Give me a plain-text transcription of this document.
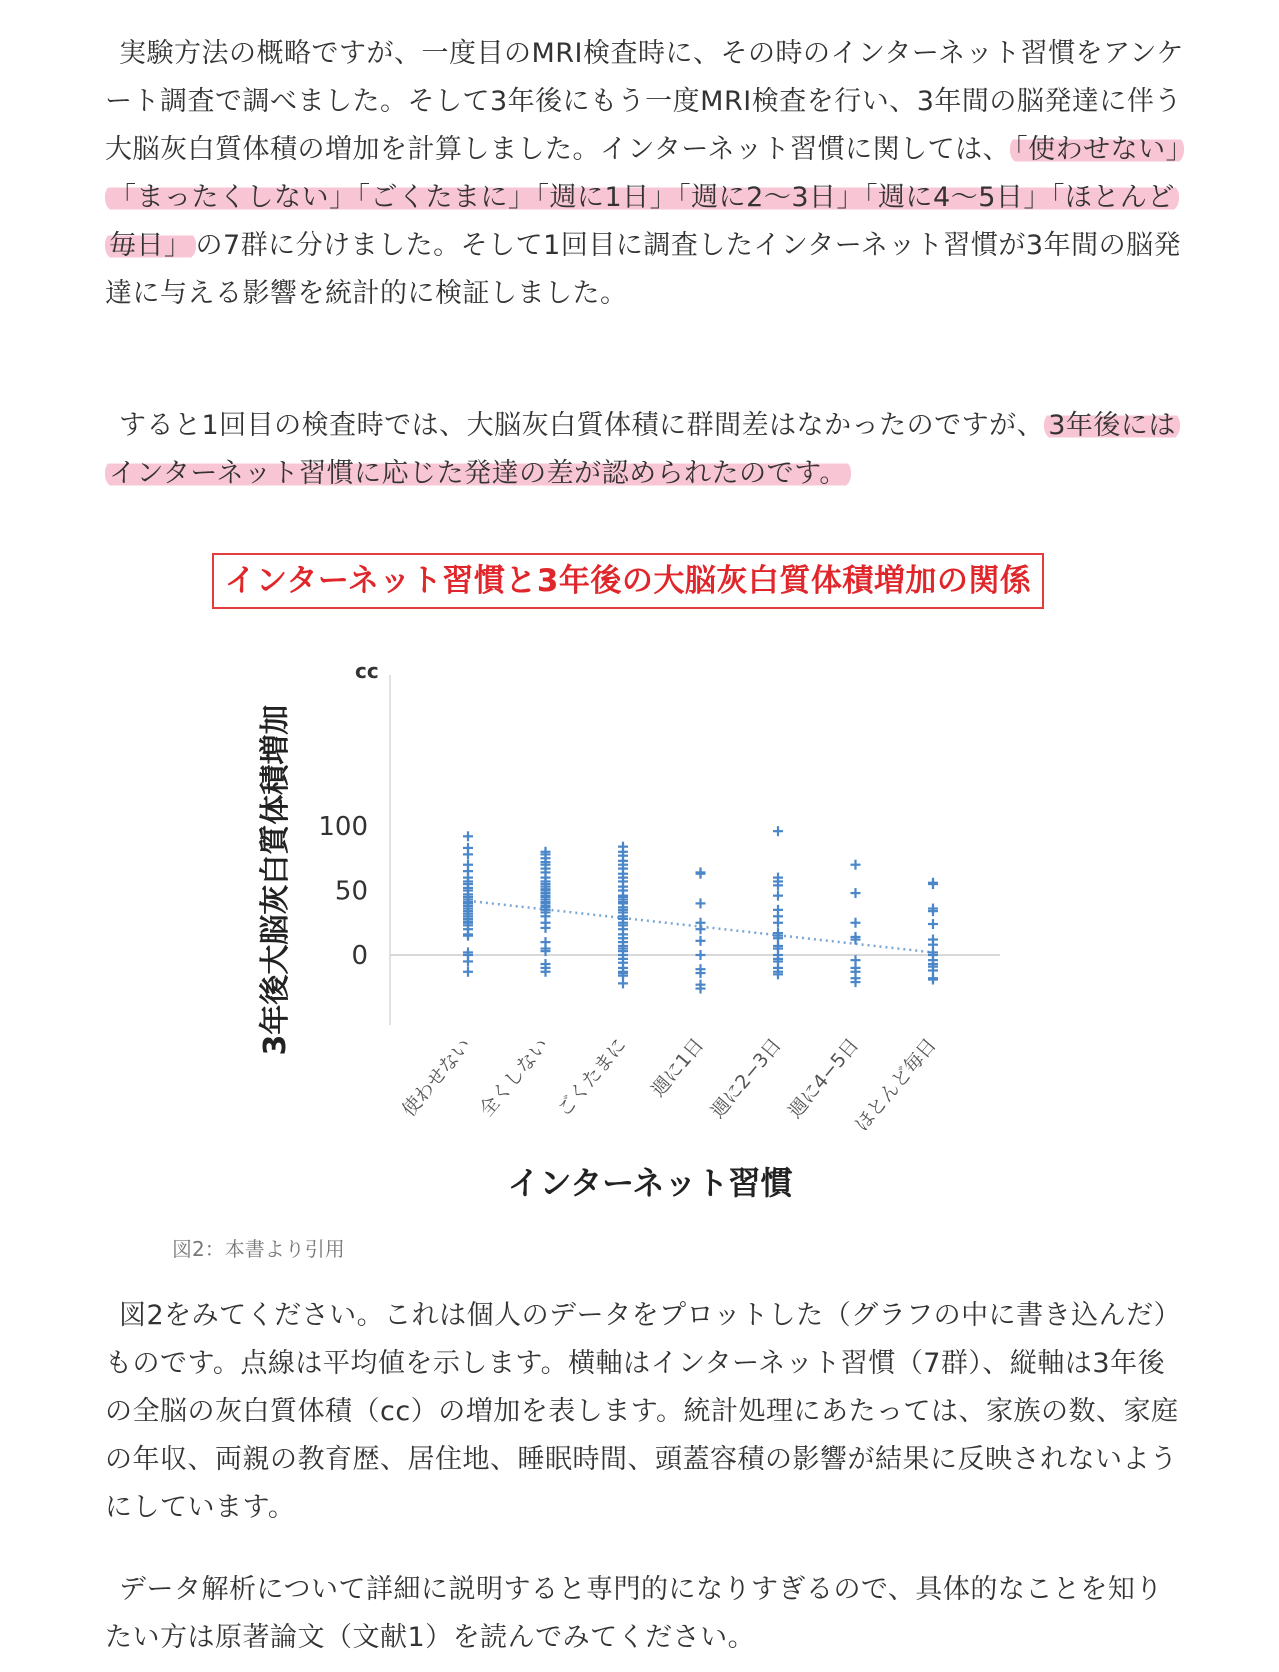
実験方法の概略ですが、一度目のMRI検査時に、その時のインターネット習慣をアンケート調査で調べました。そして3年後にもう一度MRI検査を行い、3年間の脳発達に伴う大脳灰白質体積の増加を計算しました。インターネット習慣に関しては、 「使わせない」「まったくしない」「ごくたまに」「週に1日」「週に2～3日」「週に4～5日」「ほとんど毎日」 の7群に分けました。そして1回目に調査したインターネット習慣が3年間の脳発達に与える影響を統計的に検証しました。

すると1回目の検査時では、大脳灰白質体積に群間差はなかったのですが、 3年後にはインターネット習慣に応じた発達の差が認められたのです。

図2をみてください。これは個人のデータをプロットした（グラフの中に書き込んだ）ものです。点線は平均値を示します。横軸はインターネット習慣（7群）、縦軸は3年後の全脳の灰白質体積（cc）の増加を表します。統計処理にあたっては、家族の数、家庭の年収、両親の教育歴、居住地、睡眠時間、頭蓋容積の影響が結果に反映されないようにしています。

データ解析について詳細に説明すると専門的になりすぎるので、具体的なことを知りたい方は原著論文（文献1）を読んでみてください。

インターネット習慣と3年後の大脳灰白質体積増加の関係
0
50
100
使わせない 全くしない ごくたまに 週に1日
週に2−3日
週に4−5日
ほとんど毎日
3年後大脳灰白質体積増加
cc
インターネット習慣
図2：本書より引用
